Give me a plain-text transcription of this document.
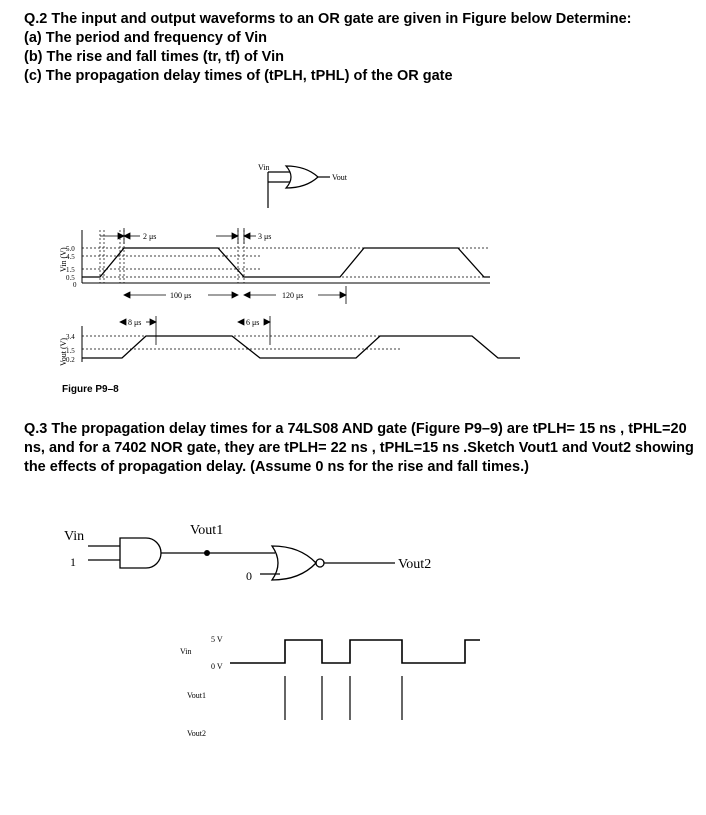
Q.2 The input and output waveforms to an OR gate are given in Figure below Determine:
(a) The period and frequency of Vin
(b) The rise and fall times (tr, tf) of Vin
(c) The propagation delay times of (tPLH, tPHL) of the OR gate
Vin
Vout
Vin (V)
5.0
4.5
1.5
0.5
0
2 μs	3 μs
100 μs	120 μs
8 μs	6 μs
Vout (V)
3.4
1.5
0.2
Figure P9–8
Q.3 The propagation delay times for a 74LS08 AND gate (Figure P9–9) are tPLH= 15 ns , tPHL=20
ns, and for a 7402 NOR gate, they are tPLH= 22 ns , tPHL=15 ns .Sketch Vout1 and Vout2 showing
the effects of propagation delay. (Assume 0 ns for the rise and fall times.)
Vin
1
Vout1
0
Vout2
5 V
0 V
Vin
Vout1
Vout2
